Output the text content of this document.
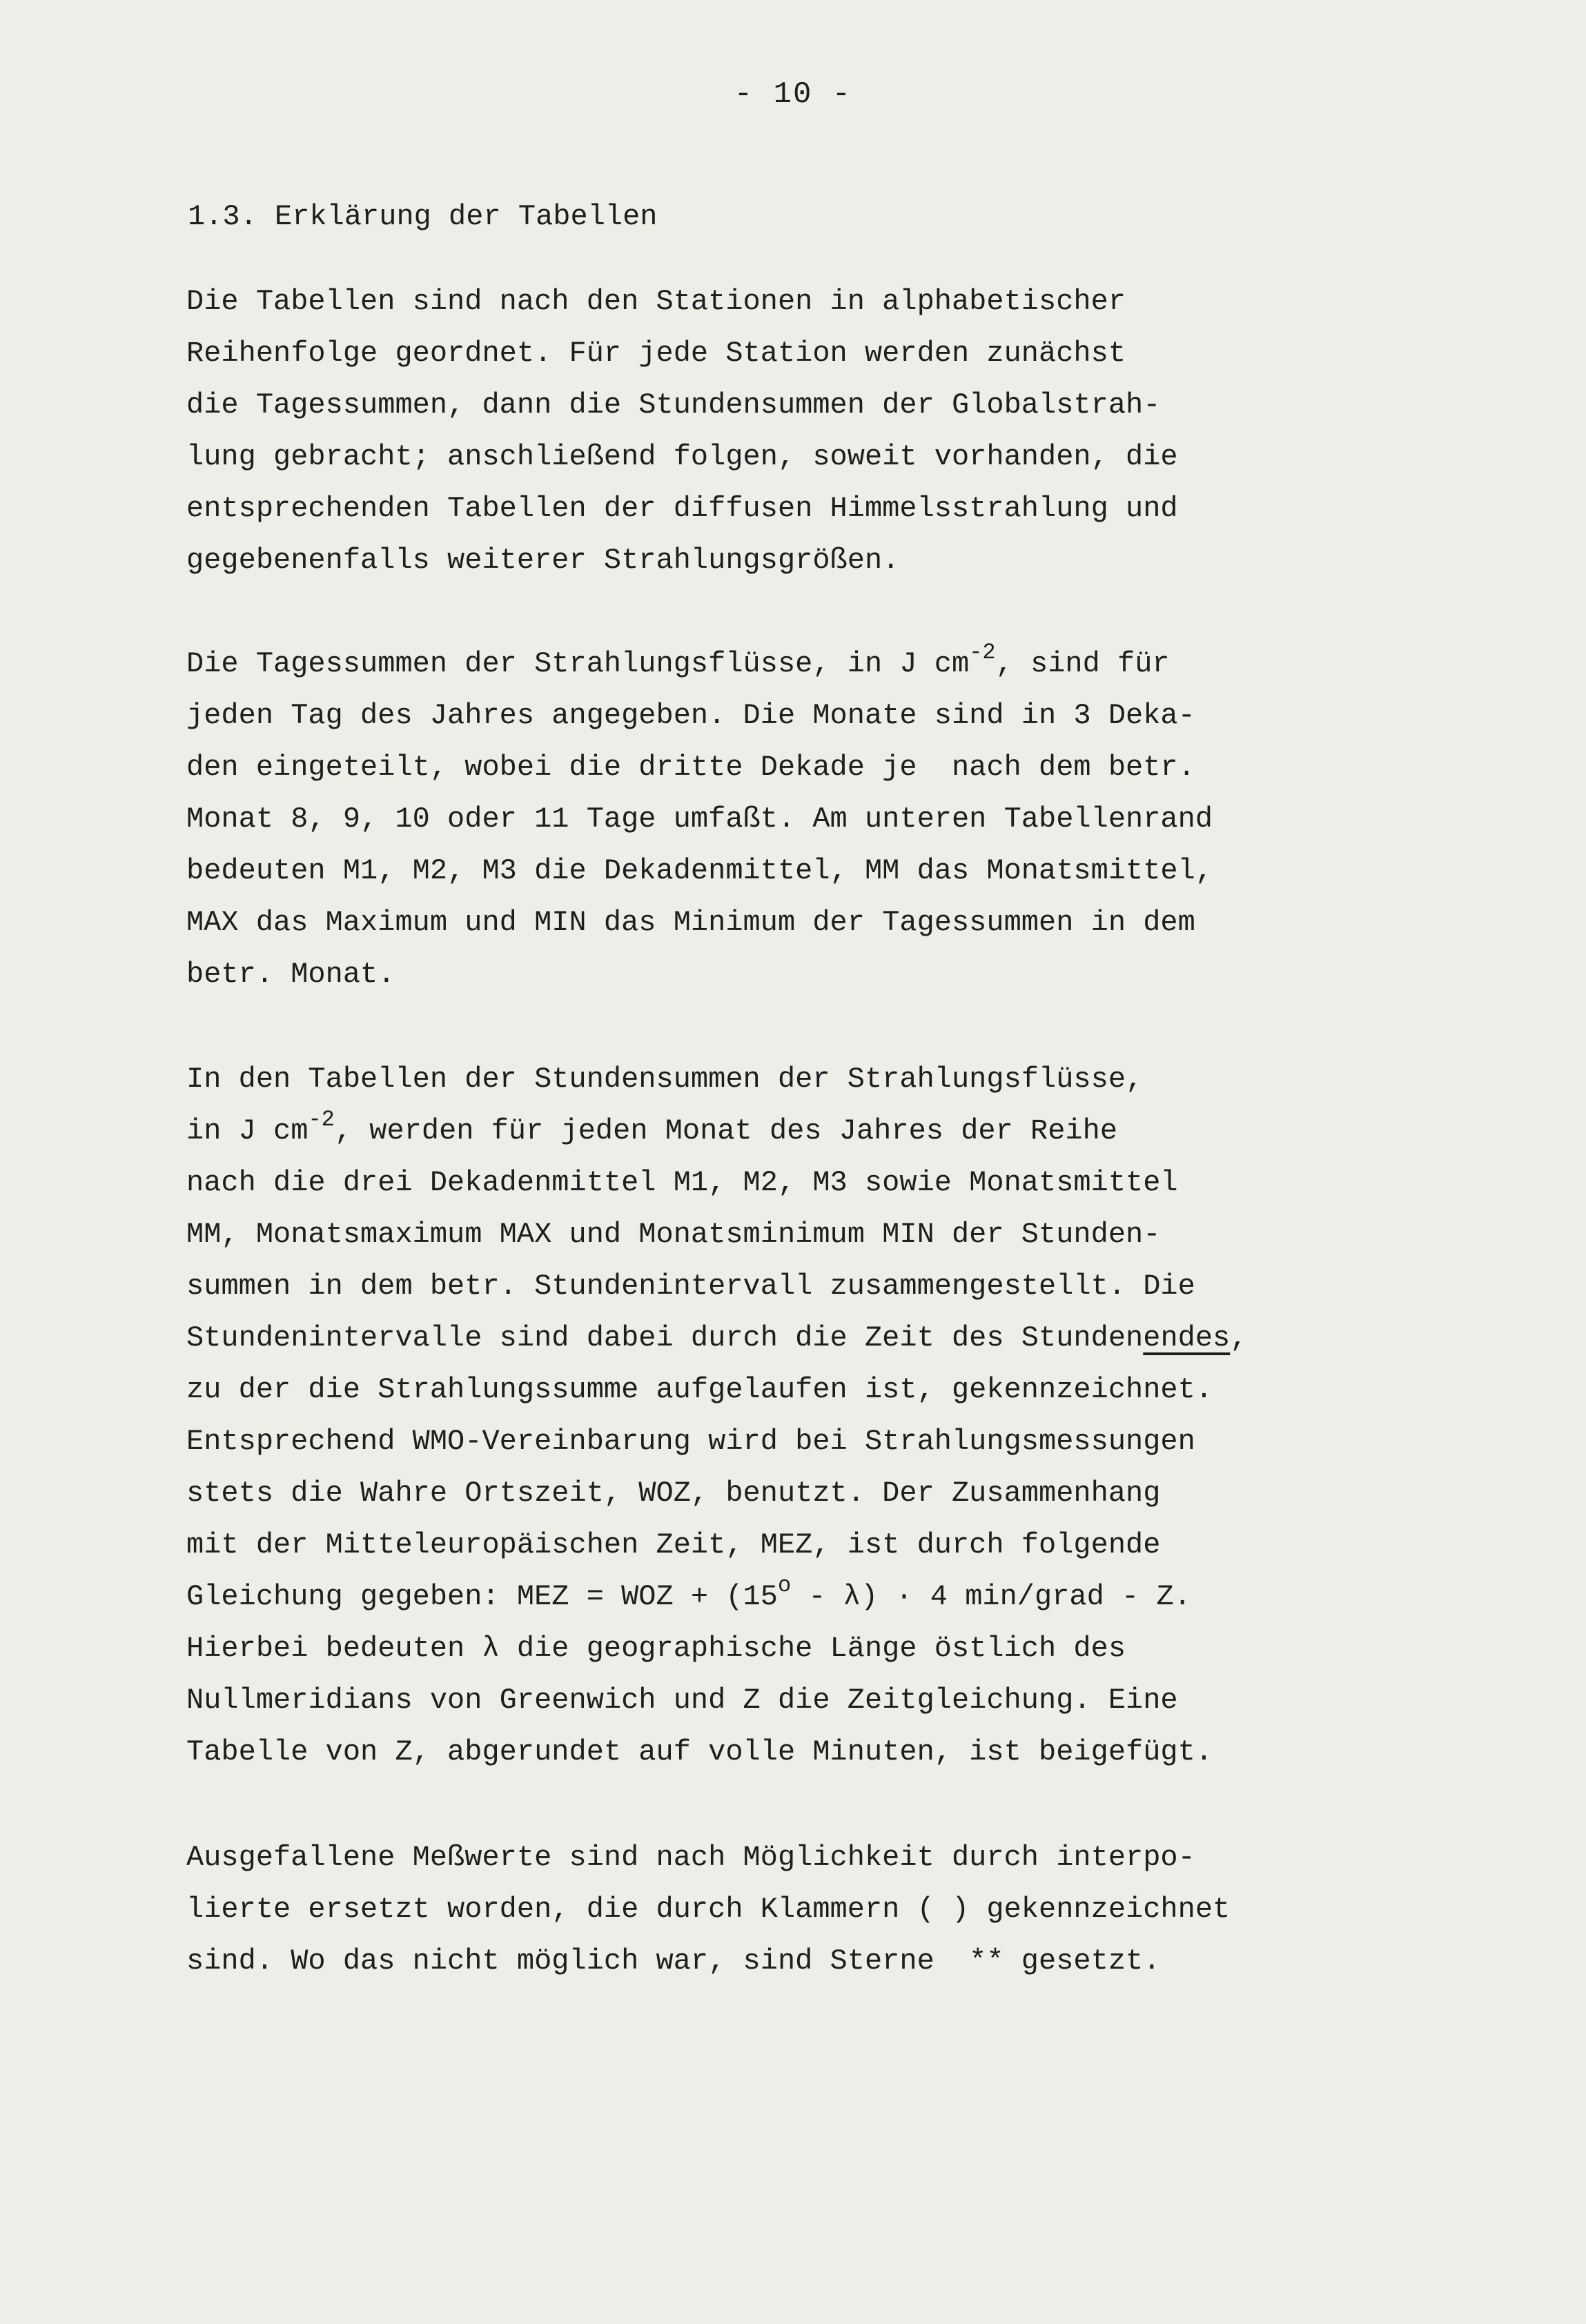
- 10 -
1.3. Erklärung der Tabellen
Die Tabellen sind nach den Stationen in alphabetischer
Reihenfolge geordnet. Für jede Station werden zunächst
die Tagessummen, dann die Stundensummen der Globalstrah-
lung gebracht; anschließend folgen, soweit vorhanden, die
entsprechenden Tabellen der diffusen Himmelsstrahlung und
gegebenenfalls weiterer Strahlungsgrößen.
Die Tagessummen der Strahlungsflüsse, in J $cm^{-2}$, sind für
jeden Tag des Jahres angegeben. Die Monate sind in 3 Deka-
den eingeteilt, wobei die dritte Dekade je  nach dem betr.
Monat 8, 9, 10 oder 11 Tage umfaßt. Am unteren Tabellenrand
bedeuten M1, M2, M3 die Dekadenmittel, MM das Monatsmittel,
MAX das Maximum und MIN das Minimum der Tagessummen in dem
betr. Monat.
In den Tabellen der Stundensummen der Strahlungsflüsse,
in J $cm^{-2}$, werden für jeden Monat des Jahres der Reihe
nach die drei Dekadenmittel M1, M2, M3 sowie Monatsmittel
MM, Monatsmaximum MAX und Monatsminimum MIN der Stunden-
summen in dem betr. Stundenintervall zusammengestellt. Die
Stundenintervalle sind dabei durch die Zeit des Stundenendes,
zu der die Strahlungssumme aufgelaufen ist, gekennzeichnet.
Entsprechend WMO-Vereinbarung wird bei Strahlungsmessungen
stets die Wahre Ortszeit, WOZ, benutzt. Der Zusammenhang
mit der Mitteleuropäischen Zeit, MEZ, ist durch folgende
Gleichung gegeben: MEZ = WOZ + $(15^o - \lambda) \cdot 4$ min/grad - Z.
Hierbei bedeuten λ die geographische Länge östlich des
Nullmeridians von Greenwich und Z die Zeitgleichung. Eine
Tabelle von Z, abgerundet auf volle Minuten, ist beigefügt.
Ausgefallene Meßwerte sind nach Möglichkeit durch interpo-
lierte ersetzt worden, die durch Klammern ( ) gekennzeichnet
sind. Wo das nicht möglich war, sind Sterne  ** gesetzt.
